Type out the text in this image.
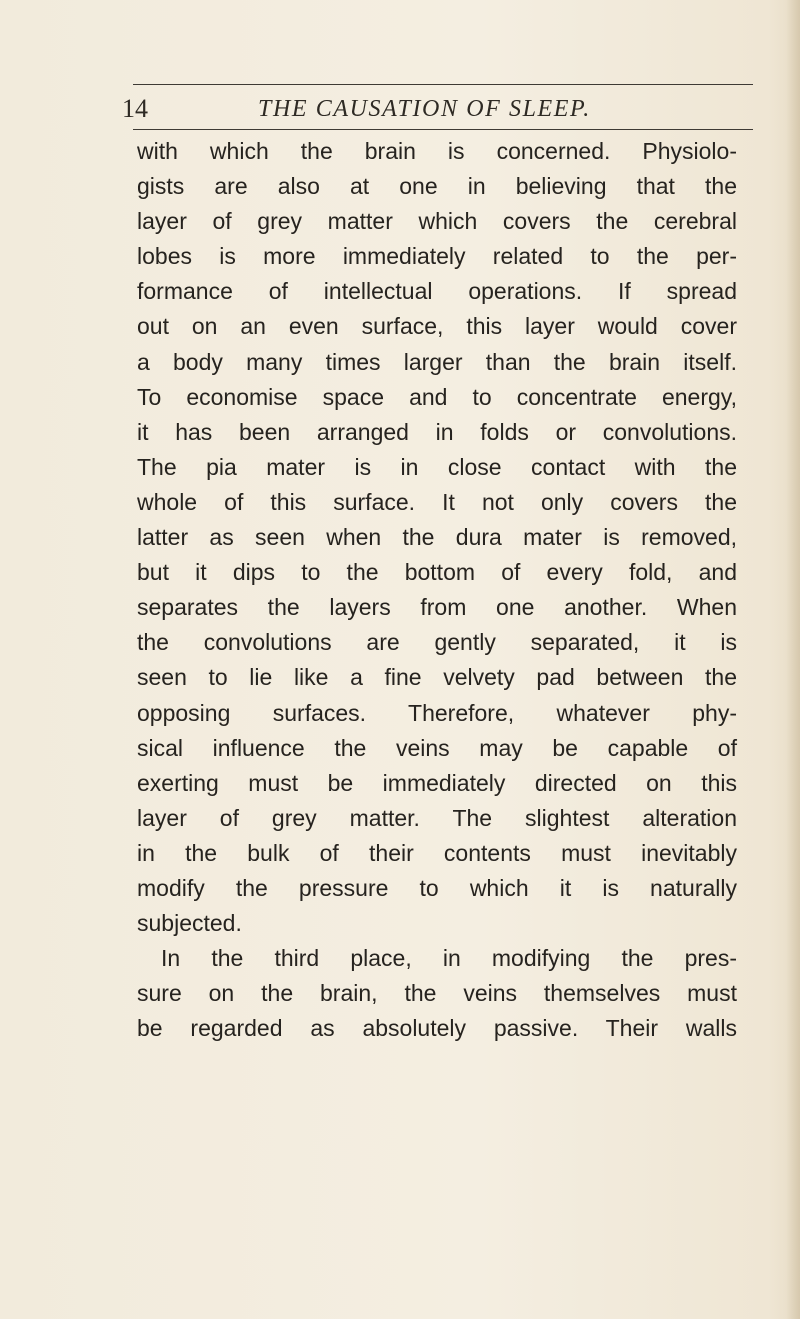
14	THE CAUSATION OF SLEEP.
with which the brain is concerned. Physiolo-
gists are also at one in believing that the
layer of grey matter which covers the cerebral
lobes is more immediately related to the per-
formance of intellectual operations. If spread
out on an even surface, this layer would cover
a body many times larger than the brain itself.
To economise space and to concentrate energy,
it has been arranged in folds or convolutions.
The pia mater is in close contact with the
whole of this surface. It not only covers the
latter as seen when the dura mater is removed,
but it dips to the bottom of every fold, and
separates the layers from one another. When
the convolutions are gently separated, it is
seen to lie like a fine velvety pad between the
opposing surfaces. Therefore, whatever phy-
sical influence the veins may be capable of
exerting must be immediately directed on this
layer of grey matter. The slightest alteration
in the bulk of their contents must inevitably
modify the pressure to which it is naturally
subjected.
In the third place, in modifying the pres-
sure on the brain, the veins themselves must
be regarded as absolutely passive. Their walls
